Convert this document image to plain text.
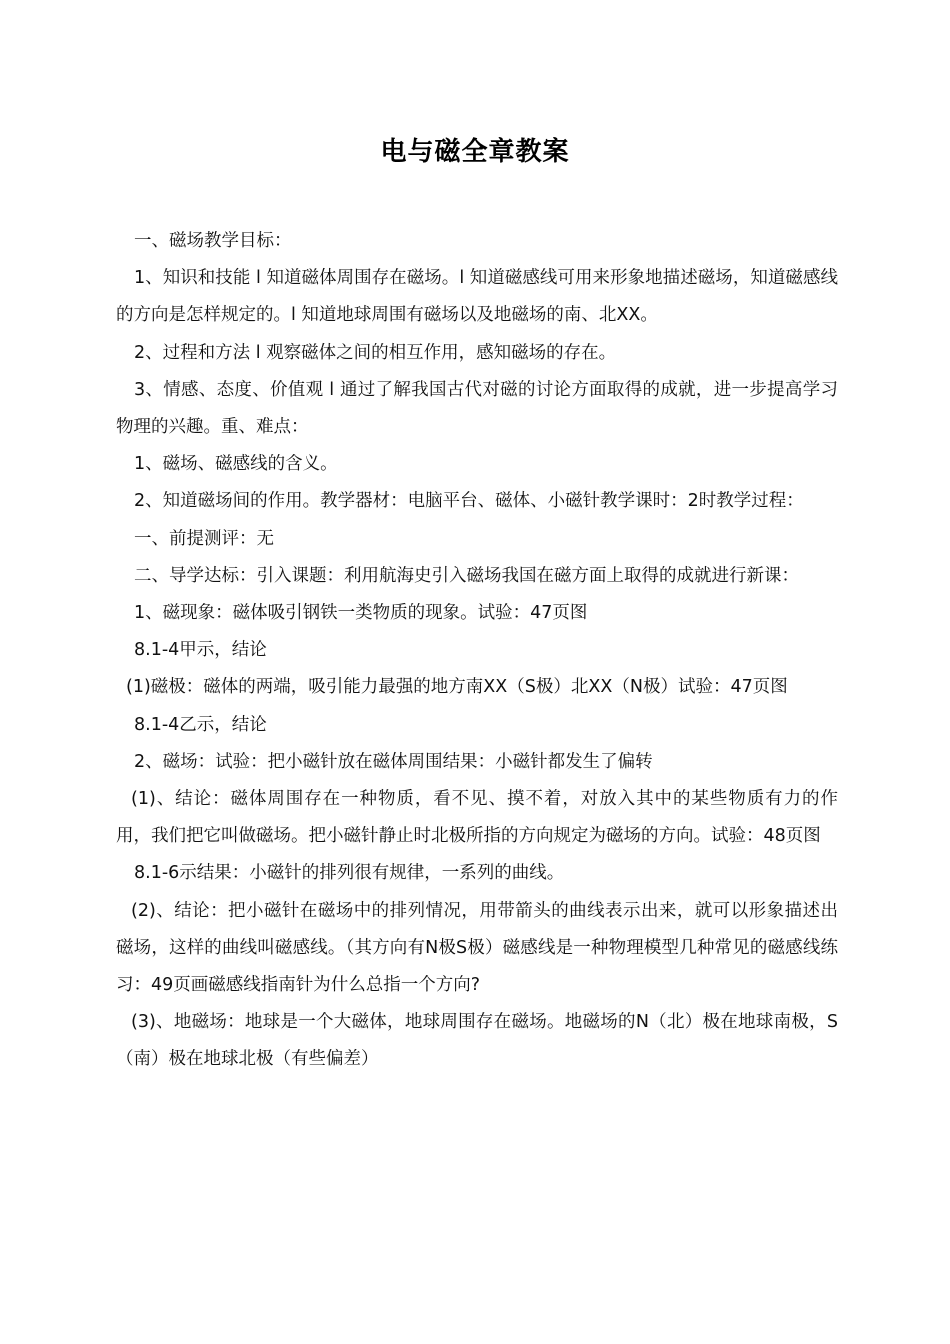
电与磁全章教案

一、磁场教学目标：

1、知识和技能 l 知道磁体周围存在磁场。l 知道磁感线可用来形象地描述磁场，知道磁感线的方向是怎样规定的。l 知道地球周围有磁场以及地磁场的南、北XX。

2、过程和方法 l 观察磁体之间的相互作用，感知磁场的存在。

3、情感、态度、价值观 l 通过了解我国古代对磁的讨论方面取得的成就，进一步提高学习物理的兴趣。重、难点：

1、磁场、磁感线的含义。

2、知道磁场间的作用。教学器材：电脑平台、磁体、小磁针教学课时：2时教学过程：

一、前提测评：无

二、导学达标：引入课题：利用航海史引入磁场我国在磁方面上取得的成就进行新课：

1、磁现象：磁体吸引钢铁一类物质的现象。试验：47页图

8.1-4甲示，结论

(1)磁极：磁体的两端，吸引能力最强的地方南XX（S极）北XX（N极）试验：47页图

8.1-4乙示，结论

2、磁场：试验：把小磁针放在磁体周围结果：小磁针都发生了偏转

(1)、结论：磁体周围存在一种物质，看不见、摸不着，对放入其中的某些物质有力的作用，我们把它叫做磁场。把小磁针静止时北极所指的方向规定为磁场的方向。试验：48页图

8.1-6示结果：小磁针的排列很有规律，一系列的曲线。

(2)、结论：把小磁针在磁场中的排列情况，用带箭头的曲线表示出来，就可以形象描述出磁场，这样的曲线叫磁感线。（其方向有N极S极）磁感线是一种物理模型几种常见的磁感线练习：49页画磁感线指南针为什么总指一个方向?

(3)、地磁场：地球是一个大磁体，地球周围存在磁场。地磁场的N（北）极在地球南极，S（南）极在地球北极（有些偏差）
